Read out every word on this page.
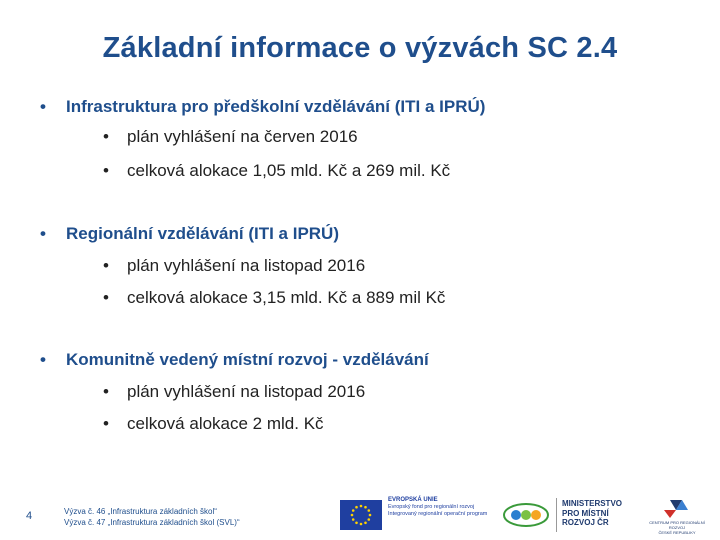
Základní informace o výzvách SC 2.4
• Infrastruktura pro předškolní vzdělávání (ITI a IPRÚ)
• plán vyhlášení na červen 2016
• celková alokace 1,05 mld. Kč a 269 mil. Kč
• Regionální vzdělávání (ITI a IPRÚ)
• plán vyhlášení na listopad 2016
• celková alokace 3,15 mld. Kč a 889 mil Kč
• Komunitně vedený místní rozvoj - vzdělávání
• plán vyhlášení na listopad 2016
• celková alokace 2 mld. Kč
4	Výzva č. 46 „Infrastruktura základních škol“
Výzva č. 47 „Infrastruktura základních škol (SVL)“
EVROPSKÁ UNIE
Evropský fond pro regionální rozvoj
Integrovaný regionální operační program
MINISTERSTVO
PRO MÍSTNÍ
ROZVOJ ČR	CENTRUM PRO REGIONÁLNÍ ROZVOJ
ČESKÉ REPUBLIKY
